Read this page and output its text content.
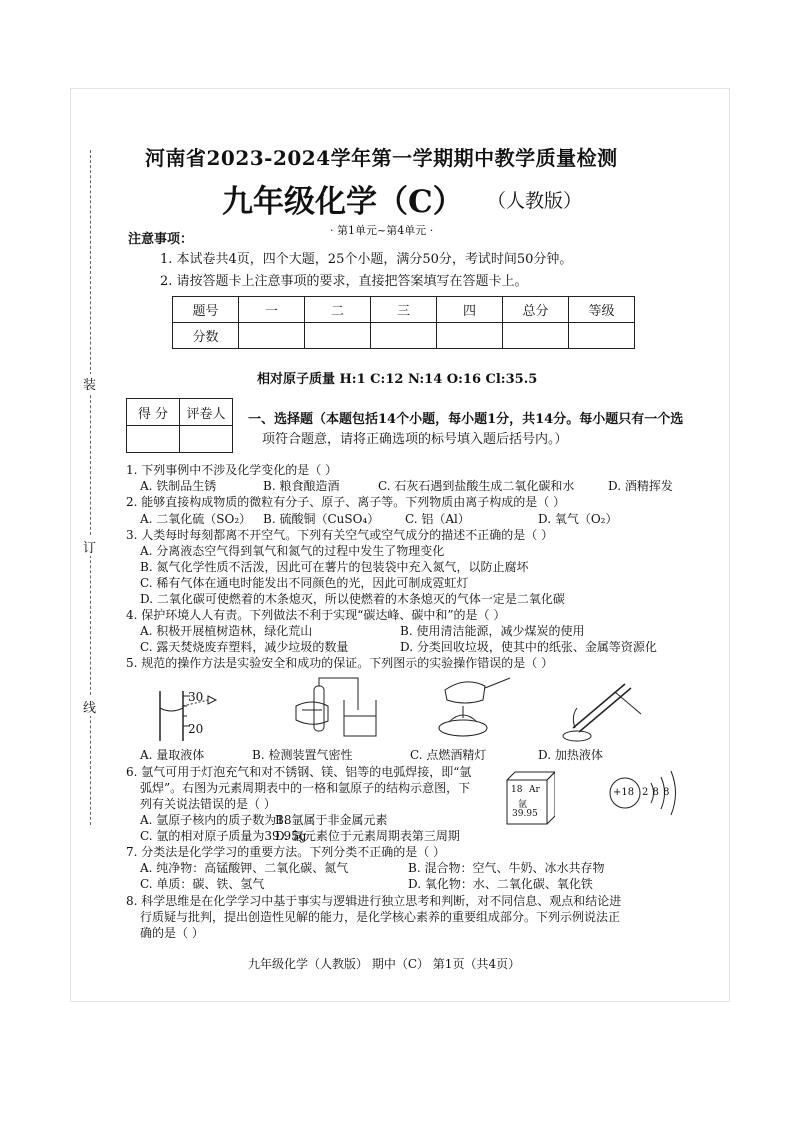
装
订
线
河南省2023-2024学年第一学期期中教学质量检测
九年级化学（C） （人教版）
· 第1单元~第4单元 ·
注意事项：
1. 本试卷共4页，四个大题，25个小题，满分50分，考试时间50分钟。
2. 请按答题卡上注意事项的要求，直接把答案填写在答题卡上。
题号	一	二	三	四	总分	等级
分数						
相对原子质量 H:1 C:12 N:14 O:16 Cl:35.5
得 分	评卷人
	一、选择题（本题包括14个小题，每小题1分，共14分。每小题只有一个选
项符合题意，请将正确选项的标号填入题后括号内。）
1. 下列事例中不涉及化学变化的是（ ）
A. 铁制品生锈	B. 粮食酿造酒	C. 石灰石遇到盐酸生成二氧化碳和水	D. 酒精挥发
2. 能够直接构成物质的微粒有分子、原子、离子等。下列物质由离子构成的是（ ）
A. 二氧化硫（SO₂） B. 硫酸铜（CuSO₄） C. 铝（Al）	D. 氧气（O₂）
3. 人类每时每刻都离不开空气。下列有关空气或空气成分的描述不正确的是（ ）
A. 分离液态空气得到氧气和氮气的过程中发生了物理变化
B. 氮气化学性质不活泼，因此可在薯片的包装袋中充入氮气，以防止腐坏
C. 稀有气体在通电时能发出不同颜色的光，因此可制成霓虹灯
D. 二氧化碳可使燃着的木条熄灭，所以使燃着的木条熄灭的气体一定是二氧化碳
4. 保护环境人人有责。下列做法不利于实现“碳达峰、碳中和”的是（ ）
A. 积极开展植树造林，绿化荒山	B. 使用清洁能源，减少煤炭的使用
C. 露天焚烧废弃塑料，减少垃圾的数量	D. 分类回收垃圾，使其中的纸张、金属等资源化
5. 规范的操作方法是实验安全和成功的保证。下列图示的实验操作错误的是（ ）
30
20
A. 量取液体	B. 检测装置气密性	C. 点燃酒精灯	D. 加热液体
6. 氩气可用于灯泡充气和对不锈钢、镁、铝等的电弧焊接，即“氩
弧焊”。右图为元素周期表中的一格和氩原子的结构示意图，下
列有关说法错误的是（ ）
A. 氩原子核内的质子数为18
B. 氩属于非金属元素
C. 氩的相对原子质量为39.95g
D. 氩元素位于元素周期表第三周期
18 Ar
氩
39.95
+18 2 8 8
7. 分类法是化学学习的重要方法。下列分类不正确的是（ ）
A. 纯净物：高锰酸钾、二氧化碳、氮气	B. 混合物：空气、牛奶、冰水共存物
C. 单质：碳、铁、氢气	D. 氧化物：水、二氧化碳、氧化铁
8. 科学思维是在化学学习中基于事实与逻辑进行独立思考和判断，对不同信息、观点和结论进
行质疑与批判，提出创造性见解的能力，是化学核心素养的重要组成部分。下列示例说法正
确的是（ ）
九年级化学（人教版） 期中（C） 第1页（共4页）
